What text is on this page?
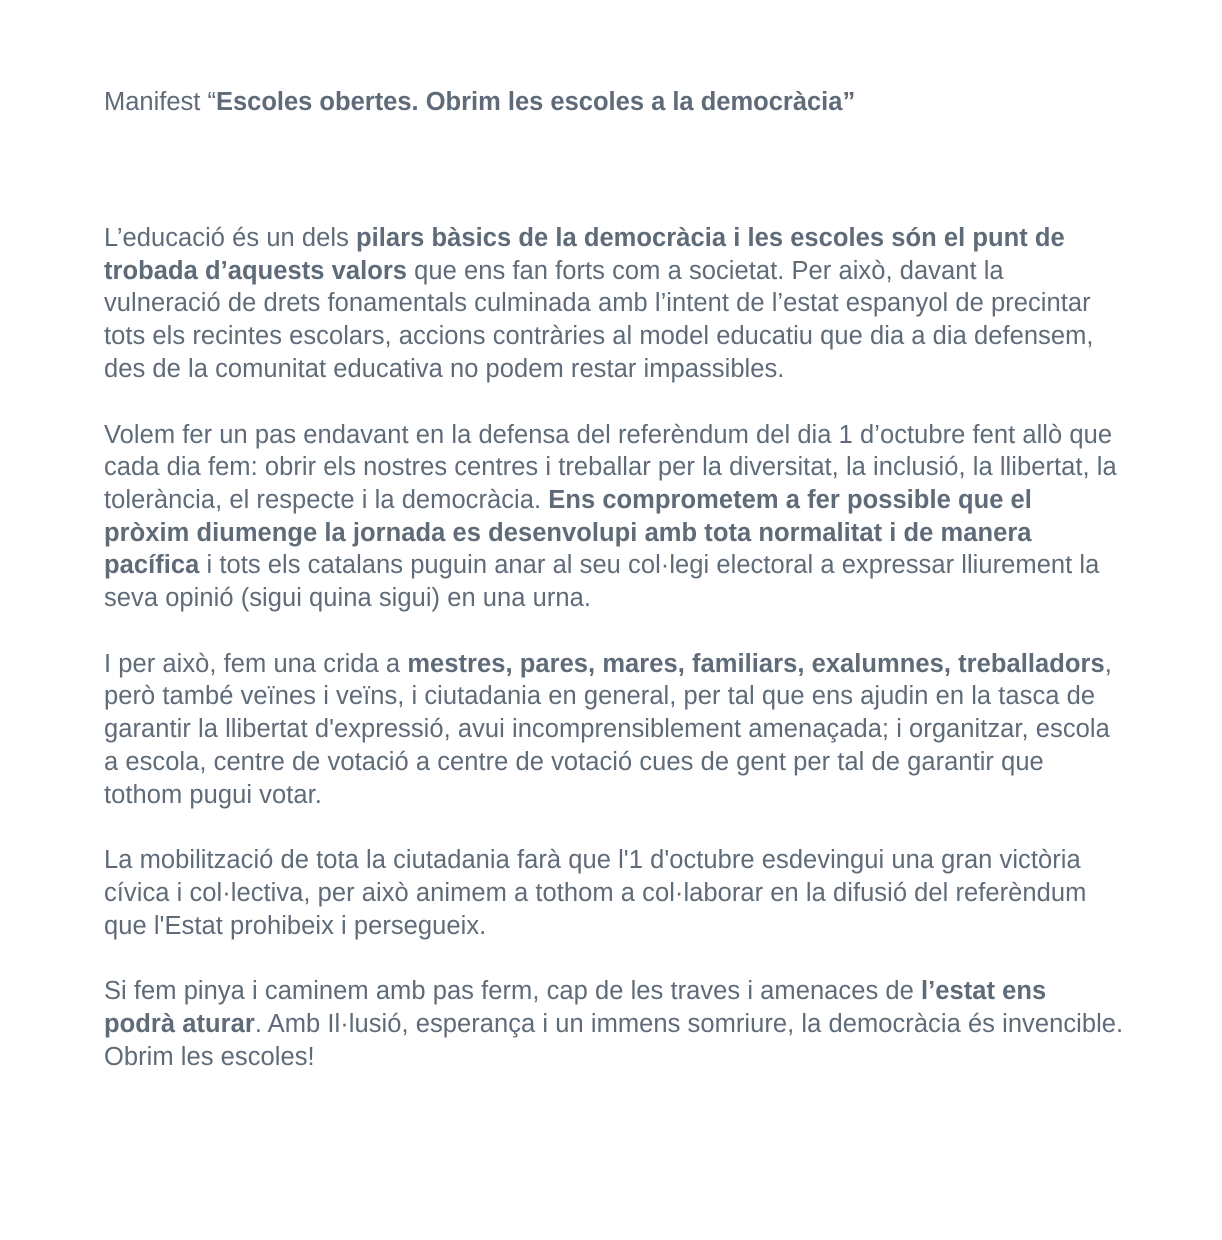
Manifest “Escoles obertes. Obrim les escoles a la democràcia”

L’educació és un dels pilars bàsics de la democràcia i les escoles són el punt de trobada d’aquests valors que ens fan forts com a societat. Per això, davant la vulneració de drets fonamentals culminada amb l’intent de l’estat espanyol de precintar tots els recintes escolars, accions contràries al model educatiu que dia a dia defensem, des de la comunitat educativa no podem restar impassibles.

Volem fer un pas endavant en la defensa del referèndum del dia 1 d’octubre fent allò que cada dia fem: obrir els nostres centres i treballar per la diversitat, la inclusió, la llibertat, la tolerància, el respecte i la democràcia. Ens comprometem a fer possible que el pròxim diumenge la jornada es desenvolupi amb tota normalitat i de manera pacífica i tots els catalans puguin anar al seu col·legi electoral a expressar lliurement la seva opinió (sigui quina sigui) en una urna.

I per això, fem una crida a mestres, pares, mares, familiars, exalumnes, treballadors, però també veïnes i veïns, i ciutadania en general, per tal que ens ajudin en la tasca de garantir la llibertat d'expressió, avui incomprensiblement amenaçada; i organitzar, escola a escola, centre de votació a centre de votació cues de gent per tal de garantir que tothom pugui votar.

La mobilització de tota la ciutadania farà que l'1 d'octubre esdevingui una gran victòria cívica i col·lectiva, per això animem a tothom a col·laborar en la difusió del referèndum que l'Estat prohibeix i persegueix.

Si fem pinya i caminem amb pas ferm, cap de les traves i amenaces de l’estat ens podrà aturar. Amb Il·lusió, esperança i un immens somriure, la democràcia és invencible. Obrim les escoles!
